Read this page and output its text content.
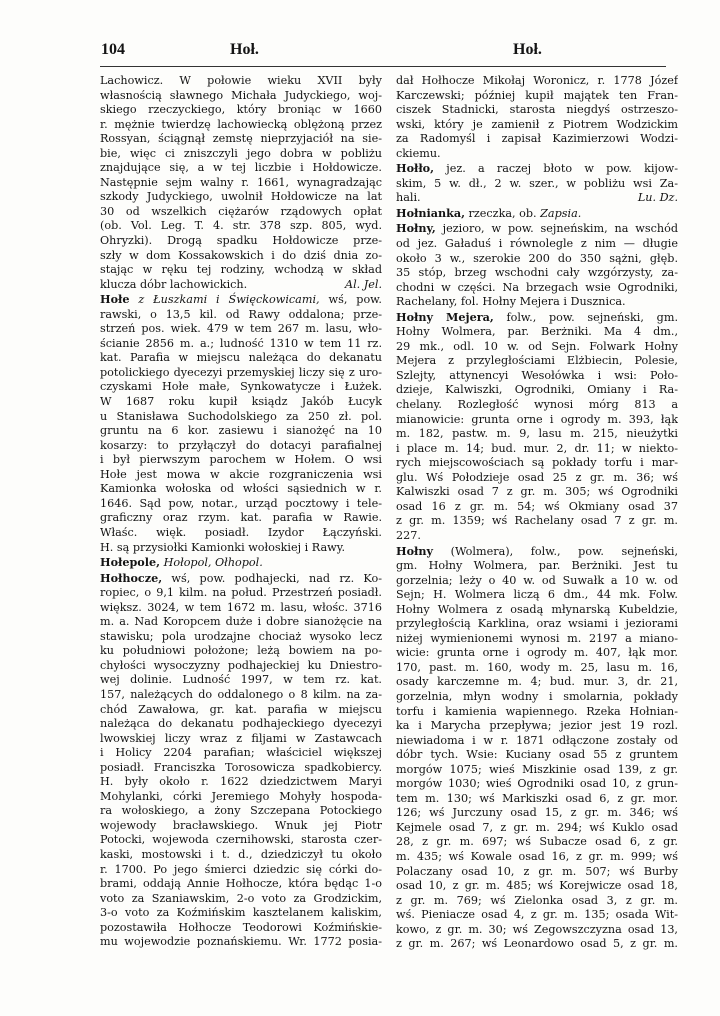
104	Hoł.	Hoł.
Lachowicz. W połowie wieku XVII były
własnością sławnego Michała Judyckiego, woj-
skiego rzeczyckiego, który broniąc w 1660
r. mężnie twierdzę lachowiecką oblężoną przez
Rossyan, ściągnął zemstę nieprzyjaciół na sie-
bie, więc ci zniszczyli jego dobra w pobliżu
znajdujące się, a w tej liczbie i Hołdowicze.
Następnie sejm walny r. 1661, wynagradzając
szkody Judyckiego, uwolnił Hołdowicze na lat
30 od wszelkich ciężarów rządowych opłat
(ob. Vol. Leg. T. 4. str. 378 szp. 805, wyd.
Ohryzki). Drogą spadku Hołdowicze prze-
szły w dom Kossakowskich i do dziś dnia zo-
stając w ręku tej rodziny, wchodzą w skład
klucza dóbr lachowickich.	Al. Jel.
Hołe z Łuszkami i Święckowicami, wś, pow.
rawski, o 13,5 kil. od Rawy oddalona; prze-
strzeń pos. wiek. 479 w tem 267 m. lasu, wło-
ścianie 2856 m. a.; ludność 1310 w tem 11 rz.
kat. Parafia w miejscu należąca do dekanatu
potolickiego dyecezyi przemyskiej liczy się z uro-
czyskami Hołe małe, Synkowatycze i Łużek.
W 1687 roku kupił ksiądz Jakób Łucyk
u Stanisława Suchodolskiego za 250 zł. pol.
gruntu na 6 kor. zasiewu i sianożęć na 10
kosarzy: to przyłączył do dotacyi parafialnej
i był pierwszym parochem w Hołem. O wsi
Hołe jest mowa w akcie rozgraniczenia wsi
Kamionka wołoska od włości sąsiednich w r.
1646. Sąd pow, notar., urząd pocztowy i tele-
graficzny oraz rzym. kat. parafia w Rawie.
Właśc. więk. posiadł. Izydor Łączyński.
H. są przysiołki Kamionki wołoskiej i Rawy.
Hołepole, Hołopol, Ołhopol.
Hołhocze, wś, pow. podhajecki, nad rz. Ko-
ropiec, o 9,1 kilm. na połud. Przestrzeń posiadł.
większ. 3024, w tem 1672 m. lasu, włośc. 3716
m. a. Nad Koropcem duże i dobre sianożęcie na
stawisku; pola urodzajne chociaż wysoko lecz
ku południowi położone; leżą bowiem na po-
chyłości wysoczyzny podhajeckiej ku Dniestro-
wej dolinie. Ludność 1997, w tem rz. kat.
157, należących do oddalonego o 8 kilm. na za-
chód Zawałowa, gr. kat. parafia w miejscu
należąca do dekanatu podhajeckiego dyecezyi
lwowskiej liczy wraz z filjami w Zastawcach
i Holicy 2204 parafian; właściciel większej
posiadł. Franciszka Torosowicza spadkobiercy.
H. były około r. 1622 dziedzictwem Maryi
Mohylanki, córki Jeremiego Mohyły hospoda-
ra wołoskiego, a żony Szczepana Potockiego
wojewody bracławskiego. Wnuk jej Piotr
Potocki, wojewoda czernihowski, starosta czer-
kaski, mostowski i t. d., dziedziczył tu około
r. 1700. Po jego śmierci dziedzic się córki do-
brami, oddają Annie Hołhocze, która będąc 1-o
voto za Szaniawskim, 2-o voto za Grodzickim,
3-o voto za Koźmińskim kasztelanem kaliskim,
pozostawiła Hołhocze Teodorowi Koźmińskie-
mu wojewodzie poznańskiemu. Wr. 1772 posia-
dał Hołhocze Mikołaj Woronicz, r. 1778 Józef
Karczewski; później kupił majątek ten Fran-
ciszek Stadnicki, starosta niegdyś ostrzeszo-
wski, który je zamienił z Piotrem Wodzickim
za Radomyśl i zapisał Kazimierzowi Wodzi-
ckiemu.
Hołło, jez. a raczej błoto w pow. kijow-
skim, 5 w. dł., 2 w. szer., w pobliżu wsi Za-
hali.	Lu. Dz.
Hołnianka, rzeczka, ob. Zapsia.
Hołny, jezioro, w pow. sejneńskim, na wschód
od jez. Gaładuś i równolegle z nim — długie
około 3 w., szerokie 200 do 350 sążni, głęb.
35 stóp, brzeg wschodni cały wzgórzysty, za-
chodni w części. Na brzegach wsie Ogrodniki,
Rachelany, fol. Hołny Mejera i Dusznica.
Hołny Mejera, folw., pow. sejneński, gm.
Hołny Wolmera, par. Berżniki. Ma 4 dm.,
29 mk., odl. 10 w. od Sejn. Folwark Hołny
Mejera z przyległościami Elżbiecin, Polesie,
Szlejty, attynencyi Wesołówka i wsi: Poło-
dzieje, Kalwiszki, Ogrodniki, Omiany i Ra-
chelany. Rozległość wynosi mórg 813 a
mianowicie: grunta orne i ogrody m. 393, łąk
m. 182, pastw. m. 9, lasu m. 215, nieużytki
i place m. 14; bud. mur. 2, dr. 11; w niekto-
rych miejscowościach są pokłady torfu i mar-
glu. Wś Połodzieje osad 25 z gr. m. 36; wś
Kalwiszki osad 7 z gr. m. 305; wś Ogrodniki
osad 16 z gr. m. 54; wś Okmiany osad 37
z gr. m. 1359; wś Rachelany osad 7 z gr. m.
227.
Hołny (Wolmera), folw., pow. sejneński,
gm. Hołny Wolmera, par. Berżniki. Jest tu
gorzelnia; leży o 40 w. od Suwałk a 10 w. od
Sejn; H. Wolmera liczą 6 dm., 44 mk. Folw.
Hołny Wolmera z osadą młynarską Kubeldzie,
przyległością Karklina, oraz wsiami i jeziorami
niżej wymienionemi wynosi m. 2197 a miano-
wicie: grunta orne i ogrody m. 407, łąk mor.
170, past. m. 160, wody m. 25, lasu m. 16,
osady karczemne m. 4; bud. mur. 3, dr. 21,
gorzelnia, młyn wodny i smolarnia, pokłady
torfu i kamienia wapiennego. Rzeka Hołnian-
ka i Marycha przepływa; jezior jest 19 rozl.
niewiadoma i w r. 1871 odłączone zostały od
dóbr tych. Wsie: Kuciany osad 55 z gruntem
morgów 1075; wieś Miszkinie osad 139, z gr.
morgów 1030; wieś Ogrodniki osad 10, z grun-
tem m. 130; wś Markiszki osad 6, z gr. mor.
126; wś Jurczuny osad 15, z gr. m. 346; wś
Kejmele osad 7, z gr. m. 294; wś Kuklo osad
28, z gr. m. 697; wś Subacze osad 6, z gr.
m. 435; wś Kowale osad 16, z gr. m. 999; wś
Polaczany osad 10, z gr. m. 507; wś Burby
osad 10, z gr. m. 485; wś Korejwicze osad 18,
z gr. m. 769; wś Zielonka osad 3, z gr. m.
wś. Pieniacze osad 4, z gr. m. 135; osada Wit-
kowo, z gr. m. 30; wś Zegowszczyzna osad 13,
z gr. m. 267; wś Leonardowo osad 5, z gr. m.
